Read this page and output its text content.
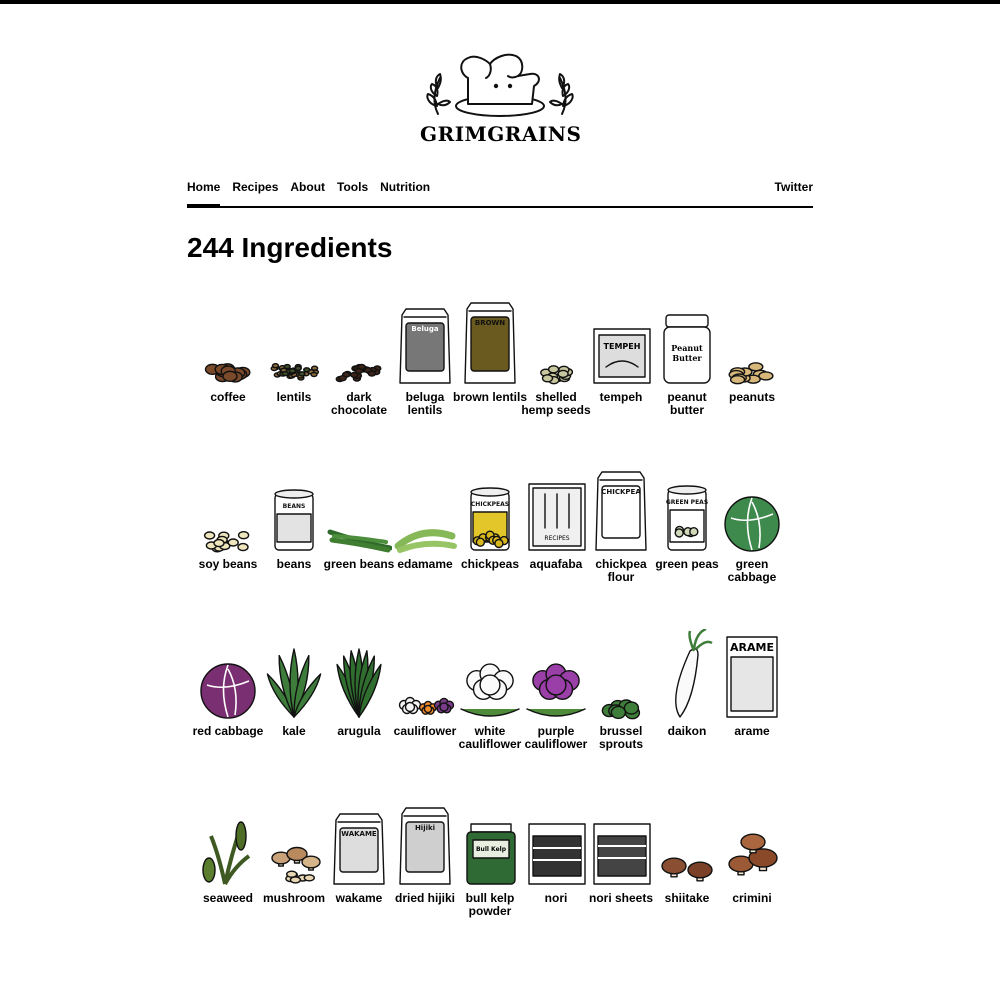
GRIMGRAINS
Home Recipes About Tools Nutrition	Twitter
244 Ingredients
coffee	lentils	dark chocolate
Beluga
beluga lentils
BROWN
brown lentils shelled hemp seeds
TEMPEH
tempeh
Peanut
Butter
peanut butter
peanuts
soy beans
BEANS
beans	green beans edamame
CHICKPEAS
chickpeas
RECIPES
aquafaba
CHICKPEA
chickpea flour
GREEN PEAS
green peas	green cabbage
red cabbage	kale	arugula	cauliflower	white cauliflower
purple cauliflower
brussel sprouts
daikon
ARAME
arame
seaweed mushroom
WAKAME
wakame
Hijiki
dried hijiki
Bull Kelp
bull kelp powder
nori	nori sheets shiitake	crimini
